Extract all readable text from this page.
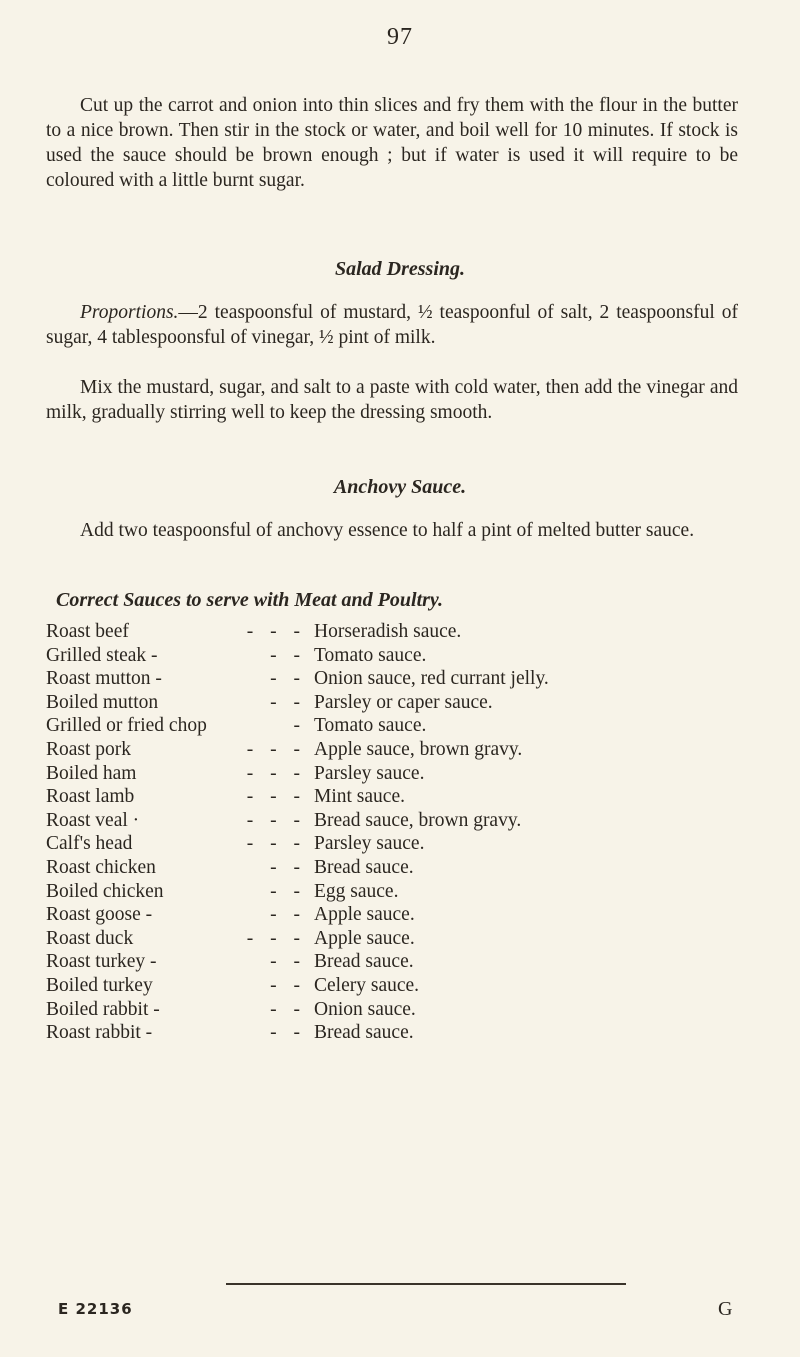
97

Cut up the carrot and onion into thin slices and fry them with the flour in the butter to a nice brown. Then stir in the stock or water, and boil well for 10 minutes. If stock is used the sauce should be brown enough ; but if water is used it will require to be coloured with a little burnt sugar.

Salad Dressing.

Proportions.—2 teaspoonsful of mustard, ½ teaspoonful of salt, 2 teaspoonsful of sugar, 4 tablespoonsful of vinegar, ½ pint of milk.

Mix the mustard, sugar, and salt to a paste with cold water, then add the vinegar and milk, gradually stirring well to keep the dressing smooth.

Anchovy Sauce.

Add two teaspoonsful of anchovy essence to half a pint of melted butter sauce.

Correct Sauces to serve with Meat and Poultry.
Roast beef	- - - Horseradish sauce.
Grilled steak -	- - Tomato sauce.
Roast mutton -	- - Onion sauce, red currant jelly.
Boiled mutton	- - Parsley or caper sauce.
Grilled or fried chop	- Tomato sauce.
Roast pork	- - - Apple sauce, brown gravy.
Boiled ham	- - - Parsley sauce.
Roast lamb	- - - Mint sauce.
Roast veal ·	- - - Bread sauce, brown gravy.
Calf's head	- - - Parsley sauce.
Roast chicken	- - Bread sauce.
Boiled chicken	- - Egg sauce.
Roast goose -	- - Apple sauce.
Roast duck	- - - Apple sauce.
Roast turkey -	- - Bread sauce.
Boiled turkey	- - Celery sauce.
Boiled rabbit -	- - Onion sauce.
Roast rabbit -	- - Bread sauce.
E 22136	G
